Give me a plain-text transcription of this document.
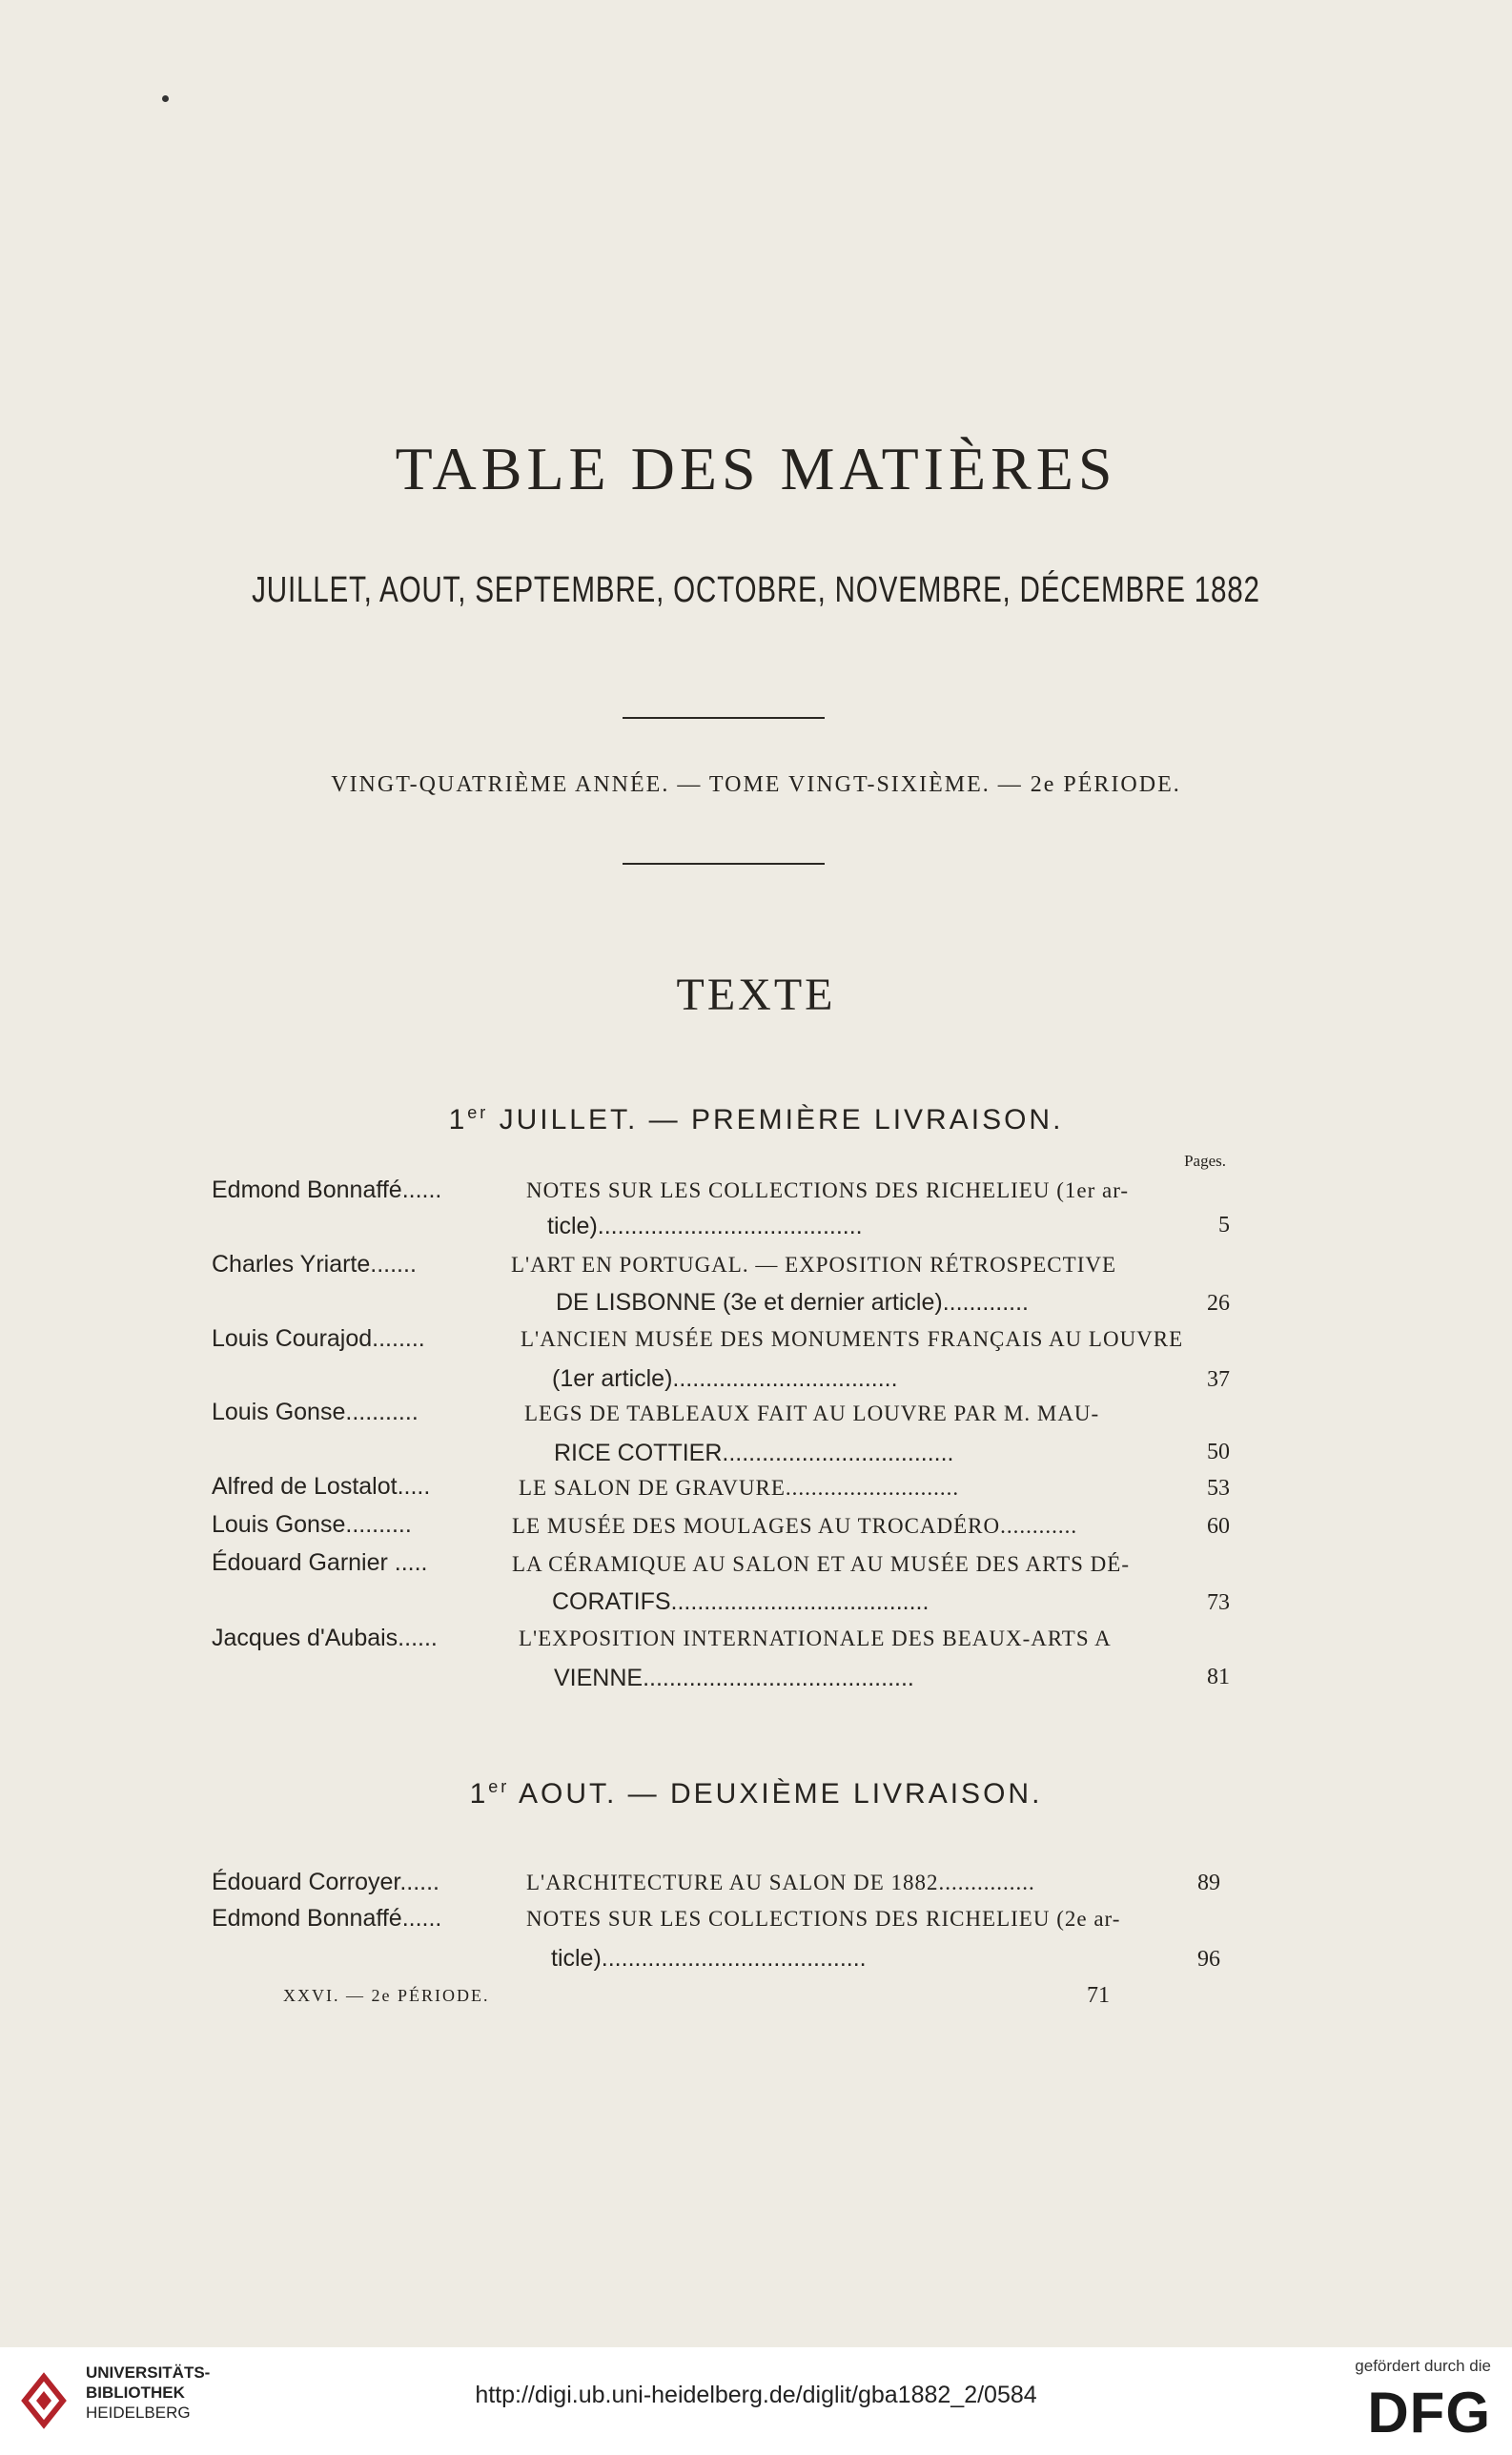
TABLE DES MATIÈRES
JUILLET, AOUT, SEPTEMBRE, OCTOBRE, NOVEMBRE, DÉCEMBRE 1882
VINGT-QUATRIÈME ANNÉE. — TOME VINGT-SIXIÈME. — 2e PÉRIODE.
TEXTE
1er JUILLET. — PREMIÈRE LIVRAISON.
Pages.
Edmond Bonnaffé......	NOTES SUR LES COLLECTIONS DES RICHELIEU (1er ar-
ticle)........................................	5
Charles Yriarte.......	L'ART EN PORTUGAL. — EXPOSITION RÉTROSPECTIVE
DE LISBONNE (3e et dernier article).............	26
Louis Courajod........	L'ANCIEN MUSÉE DES MONUMENTS FRANÇAIS AU LOUVRE
(1er article)..................................	37
Louis Gonse...........	LEGS DE TABLEAUX FAIT AU LOUVRE PAR M. MAU-
RICE COTTIER...................................	50
Alfred de Lostalot.....	LE SALON DE GRAVURE...........................	53
Louis Gonse..........	LE MUSÉE DES MOULAGES AU TROCADÉRO............	60
Édouard Garnier .....	LA CÉRAMIQUE AU SALON ET AU MUSÉE DES ARTS DÉ-
CORATIFS.......................................	73
Jacques d'Aubais......	L'EXPOSITION INTERNATIONALE DES BEAUX-ARTS A
VIENNE.........................................	81
1er AOUT. — DEUXIÈME LIVRAISON.
Édouard Corroyer......	L'ARCHITECTURE AU SALON DE 1882...............	89
Edmond Bonnaffé......	NOTES SUR LES COLLECTIONS DES RICHELIEU (2e ar-
ticle)........................................	96
XXVI. — 2e PÉRIODE.	71
UNIVERSITÄTS-
BIBLIOTHEK
HEIDELBERG
http://digi.ub.uni-heidelberg.de/diglit/gba1882_2/0584
gefördert durch die
DFG
